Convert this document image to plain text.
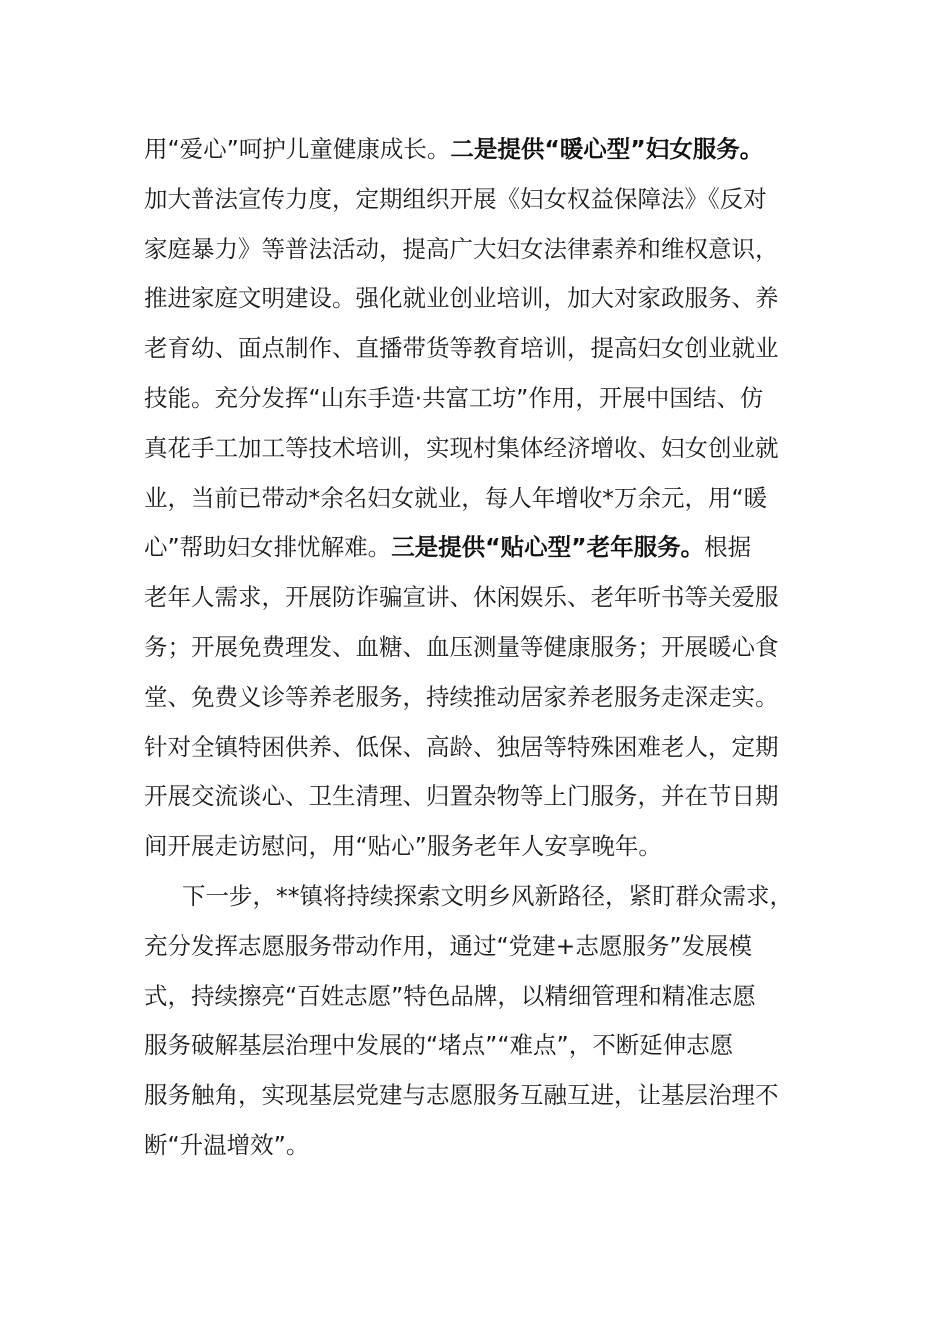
用“爱心”呵护儿童健康成长。二是提供“暖心型”妇女服务。
加大普法宣传力度，定期组织开展《妇女权益保障法》《反对
家庭暴力》等普法活动，提高广大妇女法律素养和维权意识，
推进家庭文明建设。强化就业创业培训，加大对家政服务、养
老育幼、面点制作、直播带货等教育培训，提高妇女创业就业
技能。充分发挥“山东手造·共富工坊”作用，开展中国结、仿
真花手工加工等技术培训，实现村集体经济增收、妇女创业就
业，当前已带动*余名妇女就业，每人年增收*万余元，用“暖
心”帮助妇女排忧解难。三是提供“贴心型”老年服务。根据
老年人需求，开展防诈骗宣讲、休闲娱乐、老年听书等关爱服
务；开展免费理发、血糖、血压测量等健康服务；开展暖心食
堂、免费义诊等养老服务，持续推动居家养老服务走深走实。
针对全镇特困供养、低保、高龄、独居等特殊困难老人，定期
开展交流谈心、卫生清理、归置杂物等上门服务，并在节日期
间开展走访慰问，用“贴心”服务老年人安享晚年。
下一步，**镇将持续探索文明乡风新路径，紧盯群众需求，
充分发挥志愿服务带动作用，通过“党建+志愿服务”发展模
式，持续擦亮“百姓志愿”特色品牌，以精细管理和精准志愿
服务破解基层治理中发展的“堵点”“难点”，不断延伸志愿
服务触角，实现基层党建与志愿服务互融互进，让基层治理不
断“升温增效”。
